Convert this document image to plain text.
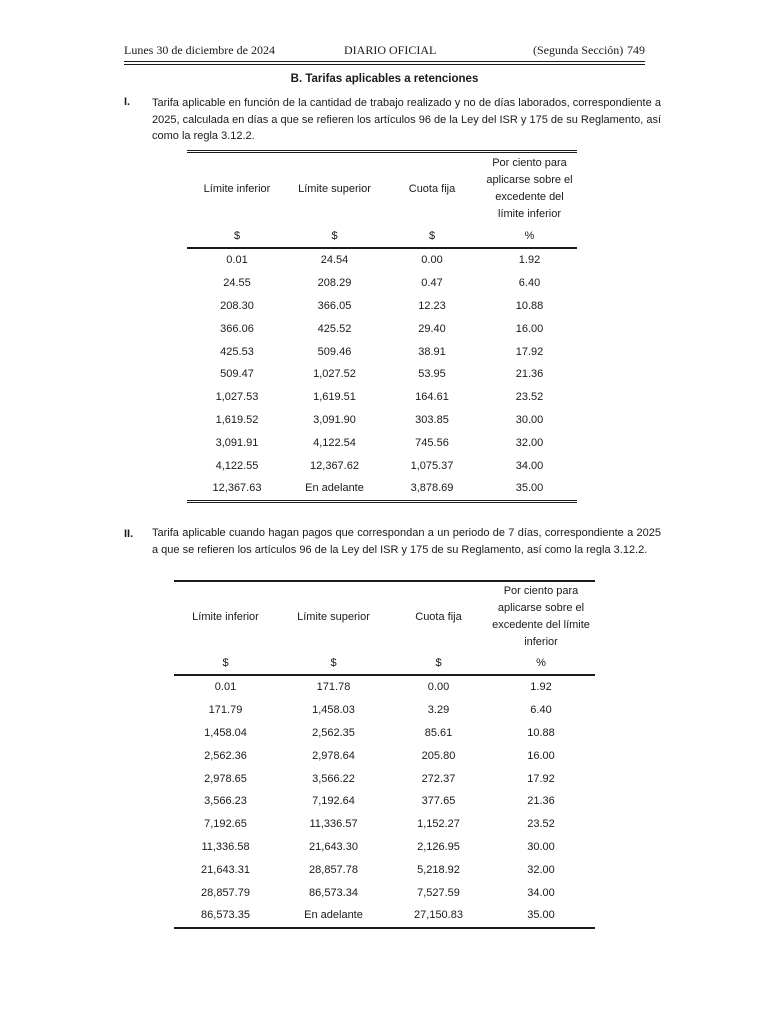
Lunes 30 de diciembre de 2024	DIARIO OFICIAL	(Segunda Sección) 749
B. Tarifas aplicables a retenciones
I. Tarifa aplicable en función de la cantidad de trabajo realizado y no de días laborados, correspondiente a 2025, calculada en días a que se refieren los artículos 96 de la Ley del ISR y 175 de su Reglamento, así como la regla 3.12.2.
Límite inferior	Límite superior	Cuota fija	Por ciento para aplicarse sobre el excedente del límite inferior
$	$	$	%
0.01	24.54	0.00	1.92
24.55	208.29	0.47	6.40
208.30	366.05	12.23	10.88
366.06	425.52	29.40	16.00
425.53	509.46	38.91	17.92
509.47	1,027.52	53.95	21.36
1,027.53	1,619.51	164.61	23.52
1,619.52	3,091.90	303.85	30.00
3,091.91	4,122.54	745.56	32.00
4,122.55	12,367.62	1,075.37	34.00
12,367.63	En adelante	3,878.69	35.00
II. Tarifa aplicable cuando hagan pagos que correspondan a un periodo de 7 días, correspondiente a 2025 a que se refieren los artículos 96 de la Ley del ISR y 175 de su Reglamento, así como la regla 3.12.2.
Límite inferior	Límite superior	Cuota fija	Por ciento para aplicarse sobre el excedente del límite inferior
$	$	$	%
0.01	171.78	0.00	1.92
171.79	1,458.03	3.29	6.40
1,458.04	2,562.35	85.61	10.88
2,562.36	2,978.64	205.80	16.00
2,978.65	3,566.22	272.37	17.92
3,566.23	7,192.64	377.65	21.36
7,192.65	11,336.57	1,152.27	23.52
11,336.58	21,643.30	2,126.95	30.00
21,643.31	28,857.78	5,218.92	32.00
28,857.79	86,573.34	7,527.59	34.00
86,573.35	En adelante	27,150.83	35.00
